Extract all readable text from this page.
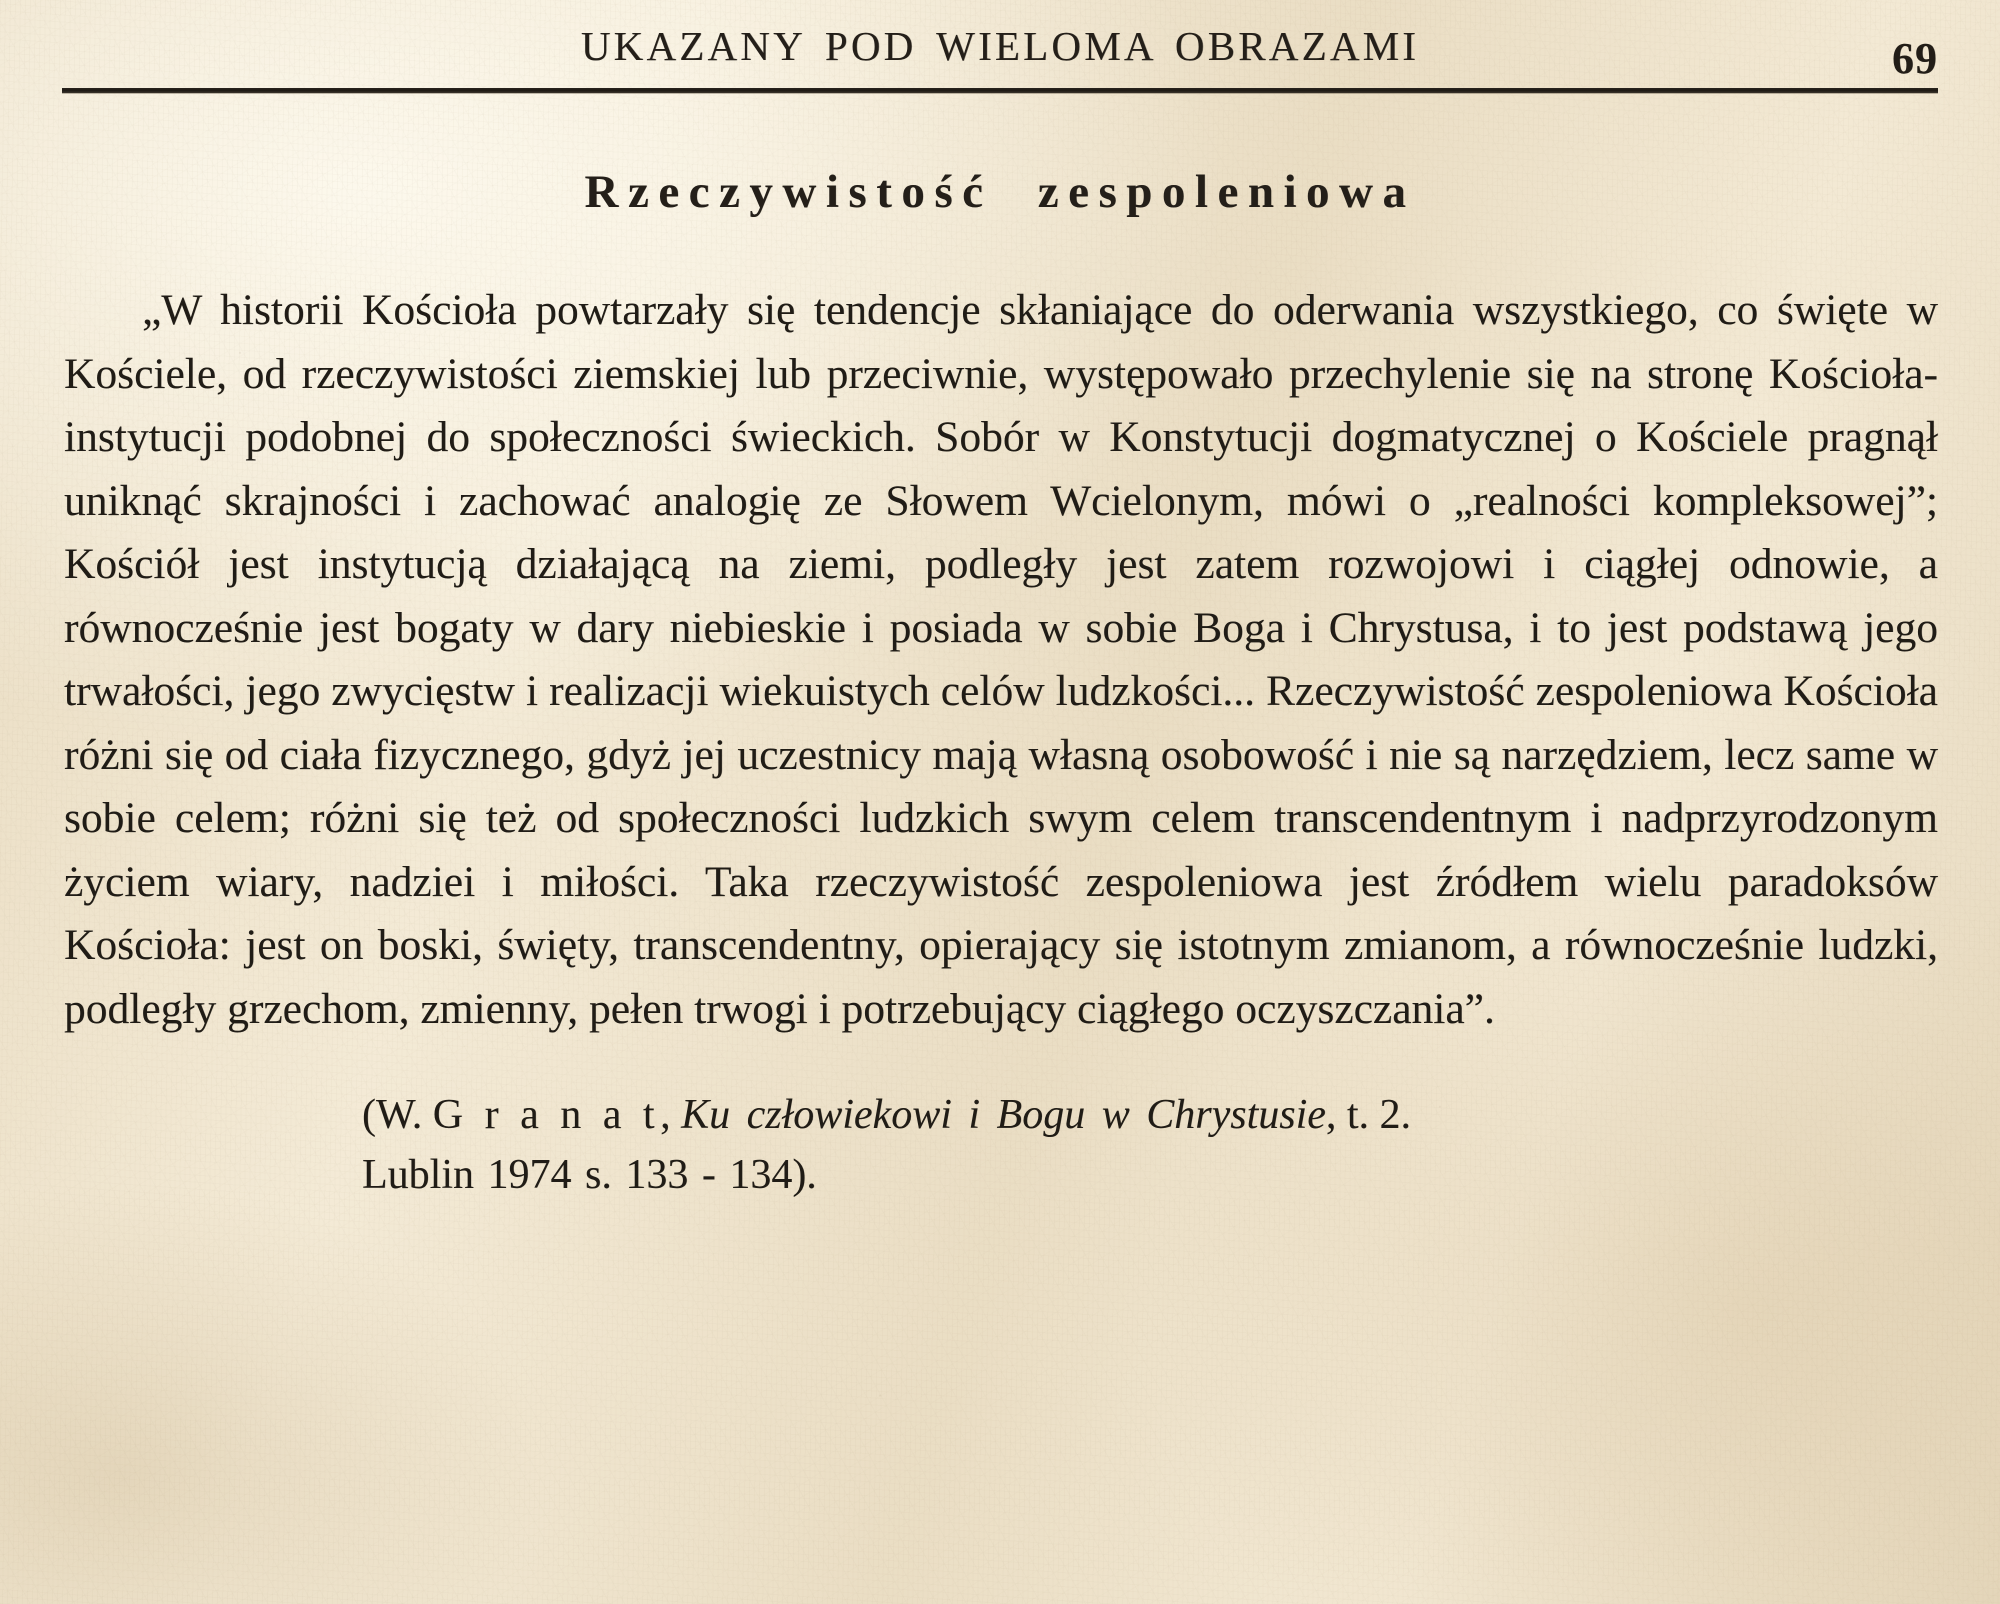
UKAZANY POD WIELOMA OBRAZAMI	69
Rzeczywistość zespoleniowa

„W historii Kościoła powtarzały się tendencje skłaniające do oderwania wszystkiego, co święte w Kościele, od rzeczywistości ziemskiej lub przeciwnie, występowało przechylenie się na stronę Kościoła-instytucji podobnej do społeczności świeckich. Sobór w Konstytucji dogmatycznej o Kościele pragnął uniknąć skrajności i zachować analogię ze Słowem Wcielonym, mówi o „realności kompleksowej”; Kościół jest instytucją działającą na ziemi, podległy jest zatem rozwojowi i ciągłej odnowie, a równocześnie jest bogaty w dary niebieskie i posiada w sobie Boga i Chrystusa, i to jest podstawą jego trwałości, jego zwycięstw i realizacji wiekuistych celów ludzkości... Rzeczywistość zespoleniowa Kościoła różni się od ciała fizycznego, gdyż jej uczestnicy mają własną osobowość i nie są narzędziem, lecz same w sobie celem; różni się też od społeczności ludzkich swym celem transcendentnym i nadprzyrodzonym życiem wiary, nadziei i miłości. Taka rzeczywistość zespoleniowa jest źródłem wielu paradoksów Kościoła: jest on boski, święty, transcendentny, opierający się istotnym zmianom, a równocześnie ludzki, podległy grzechom, zmienny, pełen trwogi i potrzebujący ciągłego oczyszczania”.

(W. G r a n a t, Ku człowiekowi i Bogu w Chrystusie, t. 2.
Lublin 1974 s. 133 - 134).
